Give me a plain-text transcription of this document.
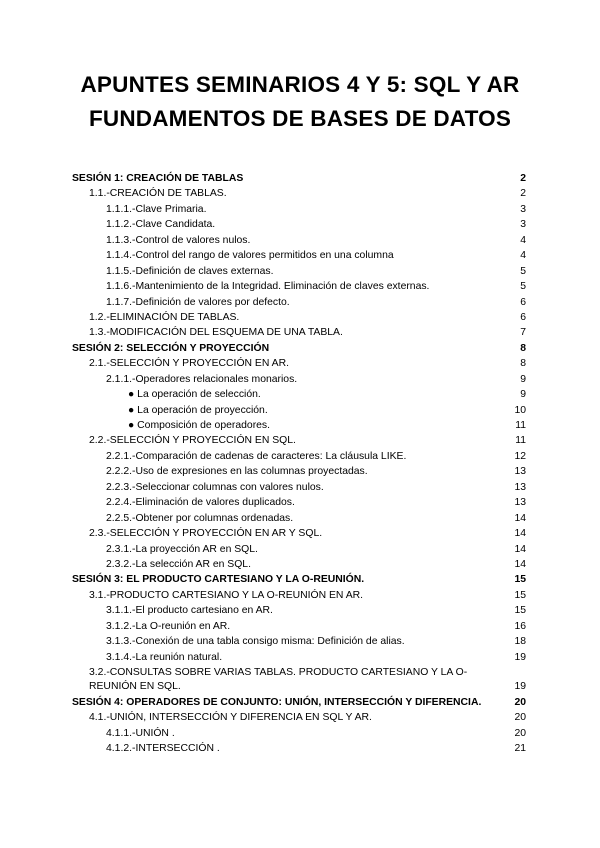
APUNTES SEMINARIOS 4 Y 5: SQL Y AR
FUNDAMENTOS DE BASES DE DATOS
SESIÓN 1: CREACIÓN DE TABLAS	2
1.1.-CREACIÓN DE TABLAS.	2
1.1.1.-Clave Primaria.	3
1.1.2.-Clave Candidata.	3
1.1.3.-Control de valores nulos.	4
1.1.4.-Control del rango de valores permitidos en una columna	4
1.1.5.-Definición de claves externas.	5
1.1.6.-Mantenimiento de la Integridad. Eliminación de claves externas.	5
1.1.7.-Definición de valores por defecto.	6
1.2.-ELIMINACIÓN DE TABLAS.	6
1.3.-MODIFICACIÓN DEL ESQUEMA DE UNA TABLA.	7
SESIÓN 2: SELECCIÓN Y PROYECCIÓN	8
2.1.-SELECCIÓN Y PROYECCIÓN EN AR.	8
2.1.1.-Operadores relacionales monarios.	9
● La operación de selección.	9
● La operación de proyección.	10
● Composición de operadores.	11
2.2.-SELECCIÓN Y PROYECCIÓN EN SQL.	11
2.2.1.-Comparación de cadenas de caracteres: La cláusula LIKE.	12
2.2.2.-Uso de expresiones en las columnas proyectadas.	13
2.2.3.-Seleccionar columnas con valores nulos.	13
2.2.4.-Eliminación de valores duplicados.	13
2.2.5.-Obtener por columnas ordenadas.	14
2.3.-SELECCIÓN Y PROYECCIÓN EN AR Y SQL.	14
2.3.1.-La proyección AR en SQL.	14
2.3.2.-La selección AR en SQL.	14
SESIÓN 3: EL PRODUCTO CARTESIANO Y LA O-REUNIÓN.	15
3.1.-PRODUCTO CARTESIANO Y LA O-REUNIÓN EN AR.	15
3.1.1.-El producto cartesiano en AR.	15
3.1.2.-La O-reunión en AR.	16
3.1.3.-Conexión de una tabla consigo misma: Definición de alias.	18
3.1.4.-La reunión natural.	19
3.2.-CONSULTAS SOBRE VARIAS TABLAS. PRODUCTO CARTESIANO Y LA O-REUNIÓN EN SQL.	19
SESIÓN 4: OPERADORES DE CONJUNTO: UNIÓN, INTERSECCIÓN Y DIFERENCIA.	20
4.1.-UNIÓN, INTERSECCIÓN Y DIFERENCIA EN SQL Y AR.	20
4.1.1.-UNIÓN .	20
4.1.2.-INTERSECCIÓN .	21
